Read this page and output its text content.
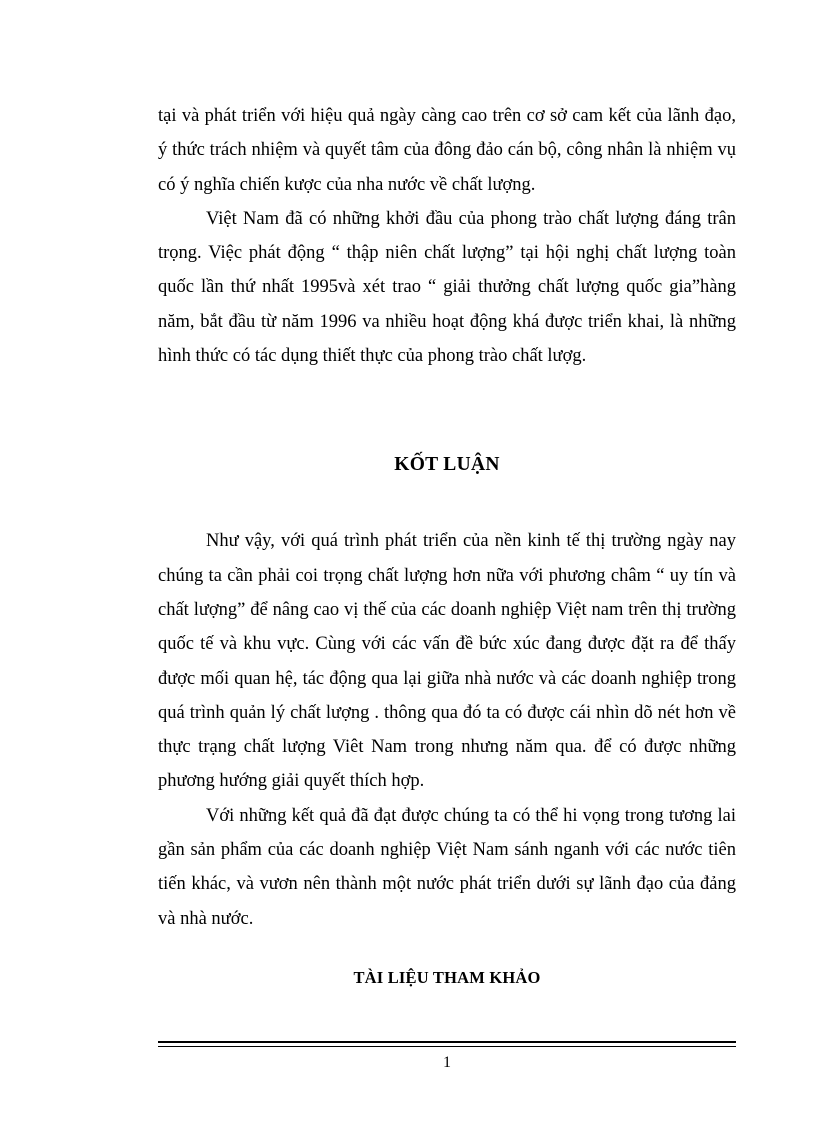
tại và phát triển với hiệu quả ngày càng cao trên cơ sở cam kết của lãnh đạo, ý thức trách nhiệm và quyết tâm của đông đảo cán bộ, công nhân là nhiệm vụ có ý nghĩa chiến kược của nha nước về chất lượng.

Việt Nam đã có những khởi đầu của phong trào chất lượng đáng trân trọng. Việc phát động “ thập niên chất lượng” tại hội nghị chất lượng toàn quốc lần thứ nhất 1995và xét trao “ giải thưởng chất lượng quốc gia”hàng năm, bắt đầu từ năm 1996 va nhiều hoạt động khá được triển khai, là những hình thức có tác dụng thiết thực của phong trào chất lượg.

KỐT LUẬN

Như vậy, với quá trình phát triển của nền kinh tế thị trường ngày nay chúng ta cần phải coi trọng chất lượng hơn nữa với phương châm “ uy tín và chất lượng” để nâng cao vị thế của các doanh nghiệp Việt nam trên thị trường quốc tế và khu vực. Cùng với các vấn đề bức xúc đang được đặt ra để thấy được mối quan hệ, tác động qua lại giữa nhà nước và các doanh nghiệp trong quá trình quản lý chất lượng . thông qua đó ta có được cái nhìn dõ nét hơn về thực trạng chất lượng Viêt Nam trong nhưng năm qua. để có được những phương hướng giải quyết thích hợp.

Với những kết quả đã đạt được chúng ta có thể hi vọng trong tương lai gần sản phẩm của các doanh nghiệp Việt Nam sánh nganh với các nước tiên tiến khác, và vươn nên thành một nước phát triển dưới sự lãnh đạo của đảng và nhà nước.

TÀI LIỆU THAM KHẢO
1
